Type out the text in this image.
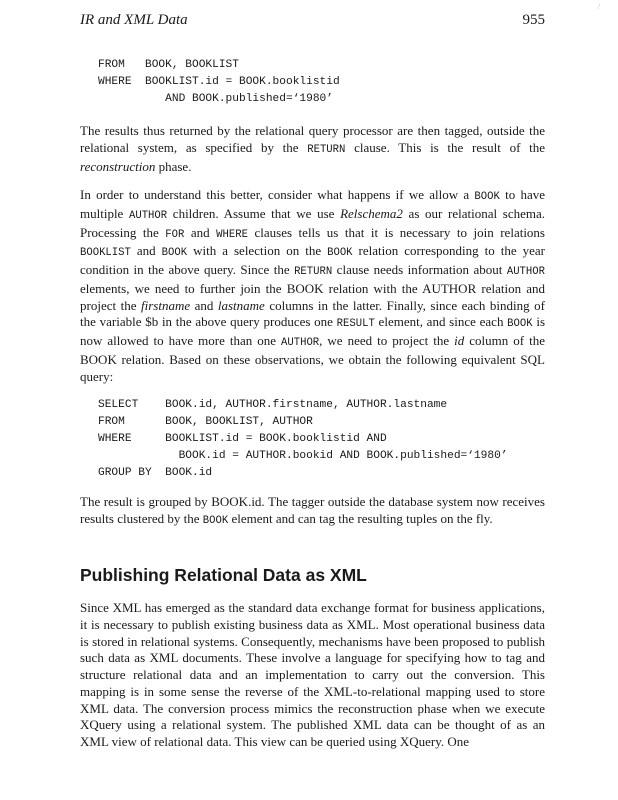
IR and XML Data	955
/
FROM   BOOK, BOOKLIST
WHERE  BOOKLIST.id = BOOK.booklistid
AND BOOK.published=‘1980’

The results thus returned by the relational query processor are then tagged, outside the relational system, as specified by the RETURN clause. This is the result of the reconstruction phase.

In order to understand this better, consider what happens if we allow a BOOK to have multiple AUTHOR children. Assume that we use Relschema2 as our relational schema. Processing the FOR and WHERE clauses tells us that it is necessary to join relations BOOKLIST and BOOK with a selection on the BOOK relation corresponding to the year condition in the above query. Since the RETURN clause needs information about AUTHOR elements, we need to further join the BOOK relation with the AUTHOR relation and project the firstname and lastname columns in the latter. Finally, since each binding of the variable $b in the above query produces one RESULT element, and since each BOOK is now allowed to have more than one AUTHOR, we need to project the id column of the BOOK relation. Based on these observations, we obtain the following equivalent SQL query:

SELECT    BOOK.id, AUTHOR.firstname, AUTHOR.lastname
FROM      BOOK, BOOKLIST, AUTHOR
WHERE     BOOKLIST.id = BOOK.booklistid AND
BOOK.id = AUTHOR.bookid AND BOOK.published=‘1980’
GROUP BY  BOOK.id

The result is grouped by BOOK.id. The tagger outside the database system now receives results clustered by the BOOK element and can tag the resulting tuples on the fly.

Publishing Relational Data as XML

Since XML has emerged as the standard data exchange format for business applications, it is necessary to publish existing business data as XML. Most operational business data is stored in relational systems. Consequently, mechanisms have been proposed to publish such data as XML documents. These involve a language for specifying how to tag and structure relational data and an implementation to carry out the conversion. This mapping is in some sense the reverse of the XML-to-relational mapping used to store XML data. The conversion process mimics the reconstruction phase when we execute XQuery using a relational system. The published XML data can be thought of as an XML view of relational data. This view can be queried using XQuery. One
